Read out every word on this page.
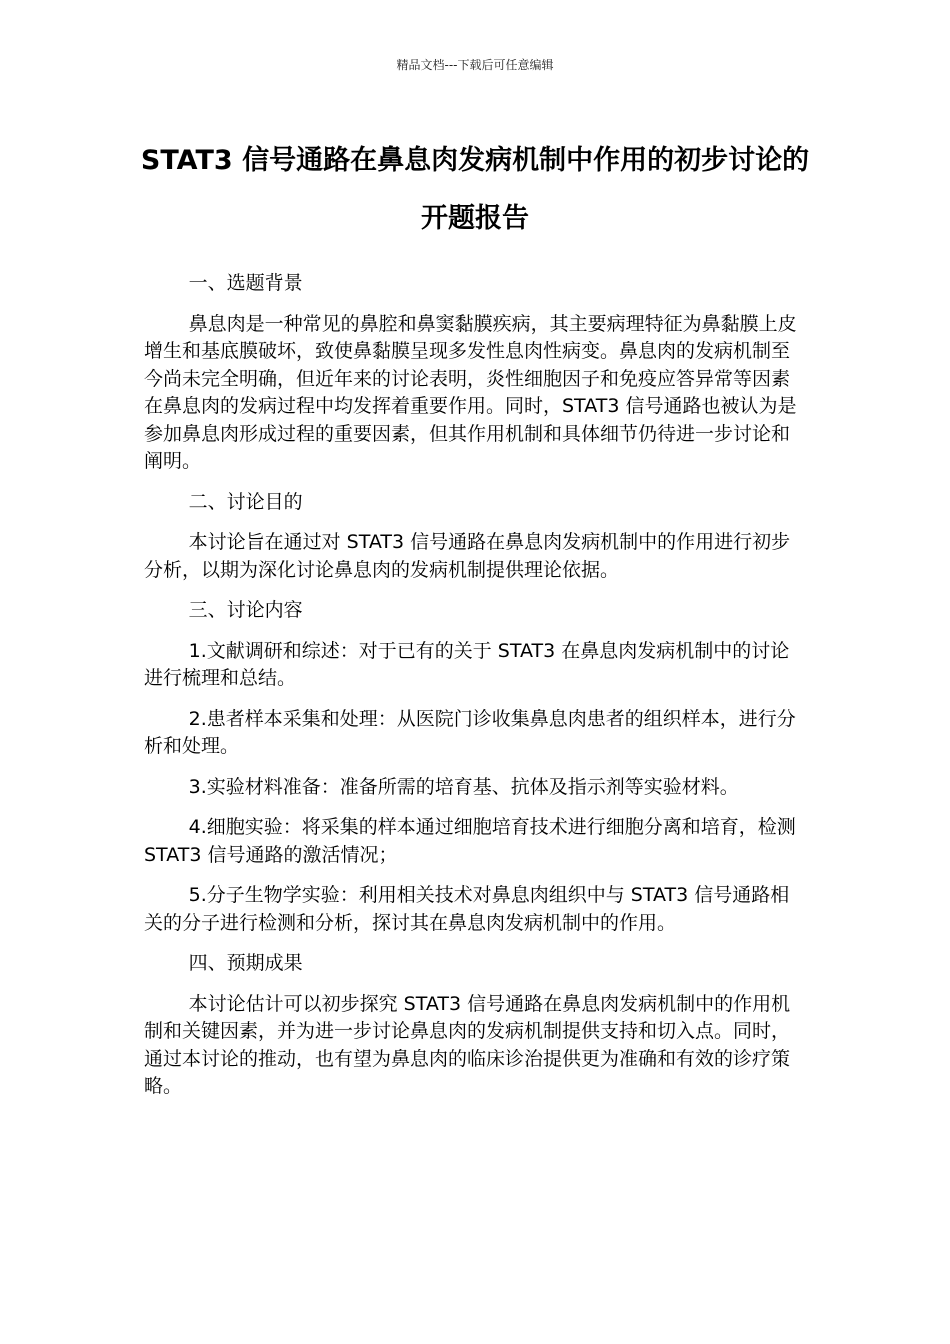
精品文档---下载后可任意编辑
STAT3 信号通路在鼻息肉发病机制中作用的初步讨论的开题报告

一、选题背景

鼻息肉是一种常见的鼻腔和鼻窦黏膜疾病，其主要病理特征为鼻黏膜上皮增生和基底膜破坏，致使鼻黏膜呈现多发性息肉性病变。鼻息肉的发病机制至今尚未完全明确，但近年来的讨论表明，炎性细胞因子和免疫应答异常等因素在鼻息肉的发病过程中均发挥着重要作用。同时，STAT3 信号通路也被认为是参加鼻息肉形成过程的重要因素，但其作用机制和具体细节仍待进一步讨论和阐明。

二、讨论目的

本讨论旨在通过对 STAT3 信号通路在鼻息肉发病机制中的作用进行初步分析，以期为深化讨论鼻息肉的发病机制提供理论依据。

三、讨论内容

1.文献调研和综述：对于已有的关于 STAT3 在鼻息肉发病机制中的讨论进行梳理和总结。

2.患者样本采集和处理：从医院门诊收集鼻息肉患者的组织样本，进行分析和处理。

3.实验材料准备：准备所需的培育基、抗体及指示剂等实验材料。

4.细胞实验：将采集的样本通过细胞培育技术进行细胞分离和培育，检测 STAT3 信号通路的激活情况；

5.分子生物学实验：利用相关技术对鼻息肉组织中与 STAT3 信号通路相关的分子进行检测和分析，探讨其在鼻息肉发病机制中的作用。

四、预期成果

本讨论估计可以初步探究 STAT3 信号通路在鼻息肉发病机制中的作用机制和关键因素，并为进一步讨论鼻息肉的发病机制提供支持和切入点。同时，通过本讨论的推动，也有望为鼻息肉的临床诊治提供更为准确和有效的诊疗策略。
